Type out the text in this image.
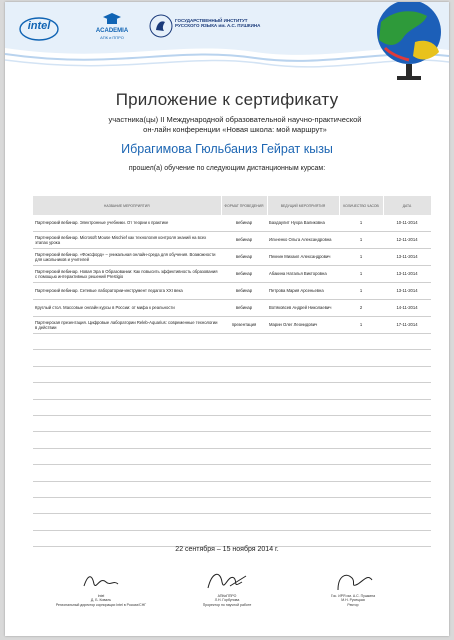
intel	ACADEMIA
АПК и ППРО
ГОСУДАРСТВЕННЫЙ ИНСТИТУТ РУССКОГО ЯЗЫКА им. А.С. ПУШКИНА
Приложение к сертификату
участника(цы) II Международной образовательной научно-практической
он-лайн конференции «Новая школа: мой маршрут»
Ибрагимова Гюльбаниз Гейрат кызы
прошел(а) обучение по следующим дистанционным курсам:
НАЗВАНИЕ МЕРОПРИЯТИЯ	ФОРМАТ ПРОВЕДЕНИЯ	ВЕДУЩИЙ МЕРОПРИЯТИЯ	КОЛИЧЕСТВО ЧАСОВ	ДАТА
Партнерский вебинар. Электронные учебники. От теории к практике	вебинар	Бахдаулит Нухра Валиковна	1	10-11-2014
Партнерский вебинар. Microsoft Mouse Mischief как технология контроля знаний на всех этапах урока	вебинар	Ильченко Ольга Александровна	1	12-11-2014
Партнерский вебинар. «Фоксфорд» – уникальная онлайн-среда для обучения. Возможности для школьников и учителей	вебинар	Пекнин Михаил Александрович	1	13-11-2014
Партнерский вебинар. Новая Эра в Образовании: Как повысить эффективность образования с помощью интерактивных решений Prestigio	вебинар	Абакина Наталья Викторовна	1	13-11-2014
Партнерский вебинар. Сетевые лаборатории-инструмент педагога XXI века	вебинар	Петрова Мария Арсеньевна	1	13-11-2014
Круглый стол. Массовые онлайн курсы в России: от мифа к реальности	вебинар	Вотяковсев Андрей Николаевич	2	14-11-2014
Партнерская презентация. Цифровые лаборатории Releb-Aquarius: современные технологии в действии	презентация	Марин Олег Леонидович	1	17-11-2014

22 сентября – 15 ноября 2014 г.
Intel
Д. Б. Коваль
Региональный директор корпорации Intel в России/СНГ
АПКиППРО
Л.Н. Горбунова
Проректор по научной работе
Гос. ИРЯ им. А.С. Пушкина
М.Н. Русецкая
Ректор
